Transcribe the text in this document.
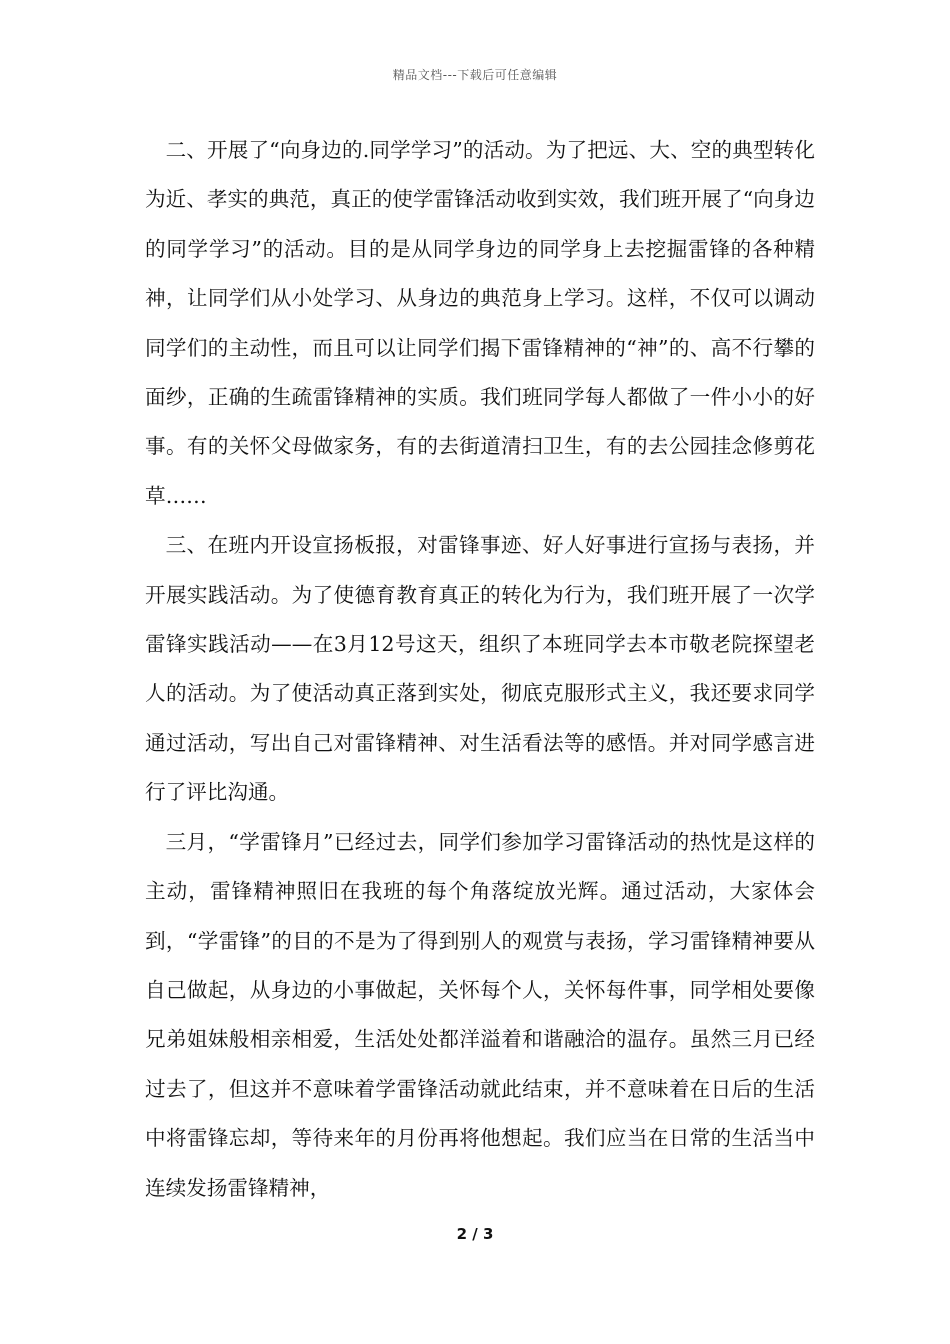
精品文档---下载后可任意编辑

二、开展了“向身边的.同学学习”的活动。为了把远、大、空的典型转化为近、孝实的典范，真正的使学雷锋活动收到实效，我们班开展了“向身边的同学学习”的活动。目的是从同学身边的同学身上去挖掘雷锋的各种精神，让同学们从小处学习、从身边的典范身上学习。这样，不仅可以调动同学们的主动性，而且可以让同学们揭下雷锋精神的“神”的、高不行攀的面纱，正确的生疏雷锋精神的实质。我们班同学每人都做了一件小小的好事。有的关怀父母做家务，有的去街道清扫卫生，有的去公园挂念修剪花草……

三、在班内开设宣扬板报，对雷锋事迹、好人好事进行宣扬与表扬，并开展实践活动。为了使德育教育真正的转化为行为，我们班开展了一次学雷锋实践活动——在3月12号这天，组织了本班同学去本市敬老院探望老人的活动。为了使活动真正落到实处，彻底克服形式主义，我还要求同学通过活动，写出自己对雷锋精神、对生活看法等的感悟。并对同学感言进行了评比沟通。

三月，“学雷锋月”已经过去，同学们参加学习雷锋活动的热忱是这样的主动，雷锋精神照旧在我班的每个角落绽放光辉。通过活动，大家体会到，“学雷锋”的目的不是为了得到别人的观赏与表扬，学习雷锋精神要从自己做起，从身边的小事做起，关怀每个人，关怀每件事，同学相处要像兄弟姐妹般相亲相爱，生活处处都洋溢着和谐融洽的温存。虽然三月已经过去了，但这并不意味着学雷锋活动就此结束，并不意味着在日后的生活中将雷锋忘却，等待来年的月份再将他想起。我们应当在日常的生活当中连续发扬雷锋精神，

2 / 3
